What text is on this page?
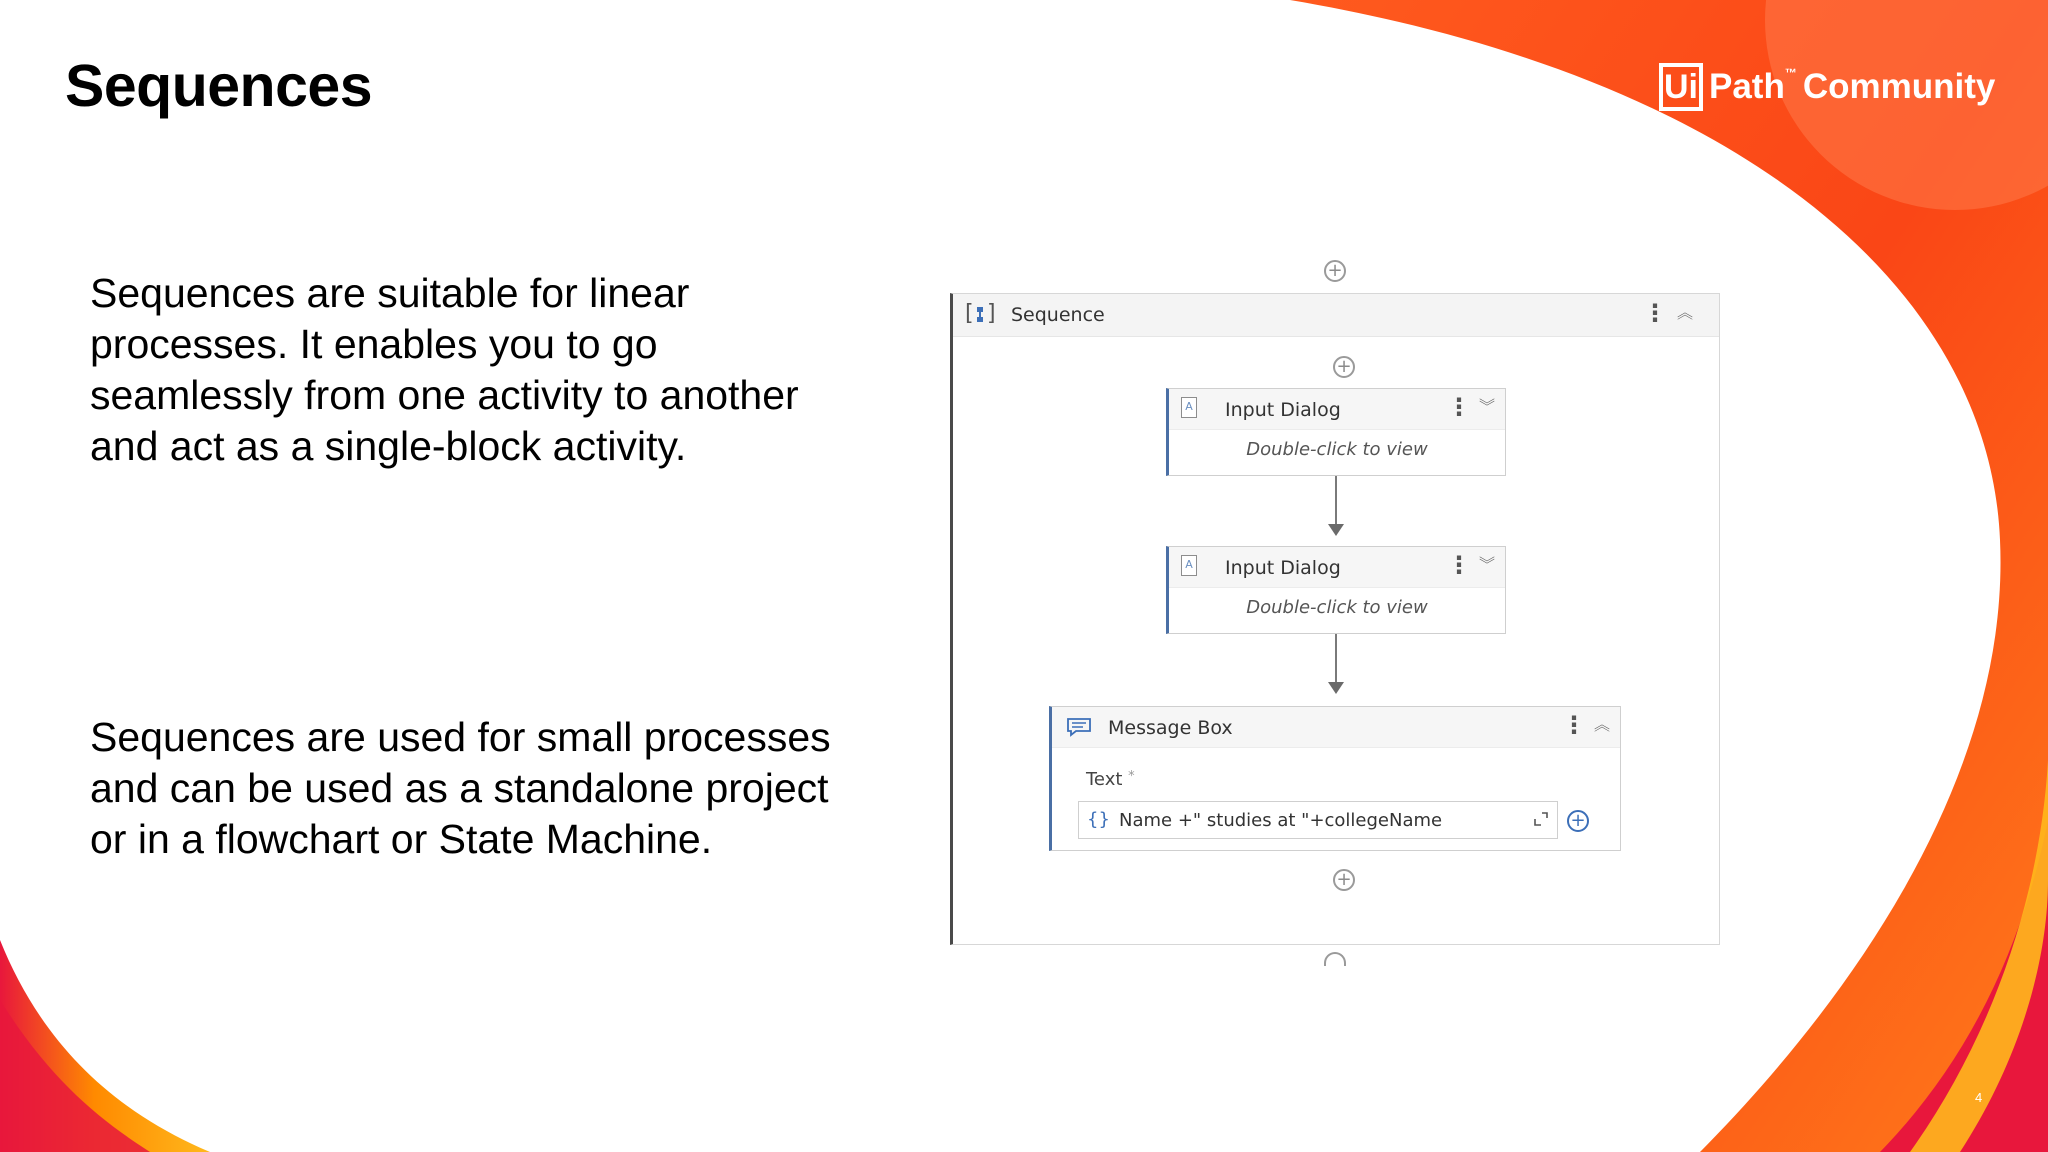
Sequences	Ui Path ™ Community

Sequences are suitable for linear processes. It enables you to go seamlessly from one activity to another and act as a single-block activity.

Sequences are used for small processes and can be used as a standalone project or in a flowchart or State Machine.

+
[ ] Sequence	⋮ ︽
+
A Input Dialog	⋮ ︾
Double-click to view
A Input Dialog	⋮ ︾
Double-click to view
Message Box	⋮ ︽
Text *
{} Name +" studies at "+collegeName	+
+
4
